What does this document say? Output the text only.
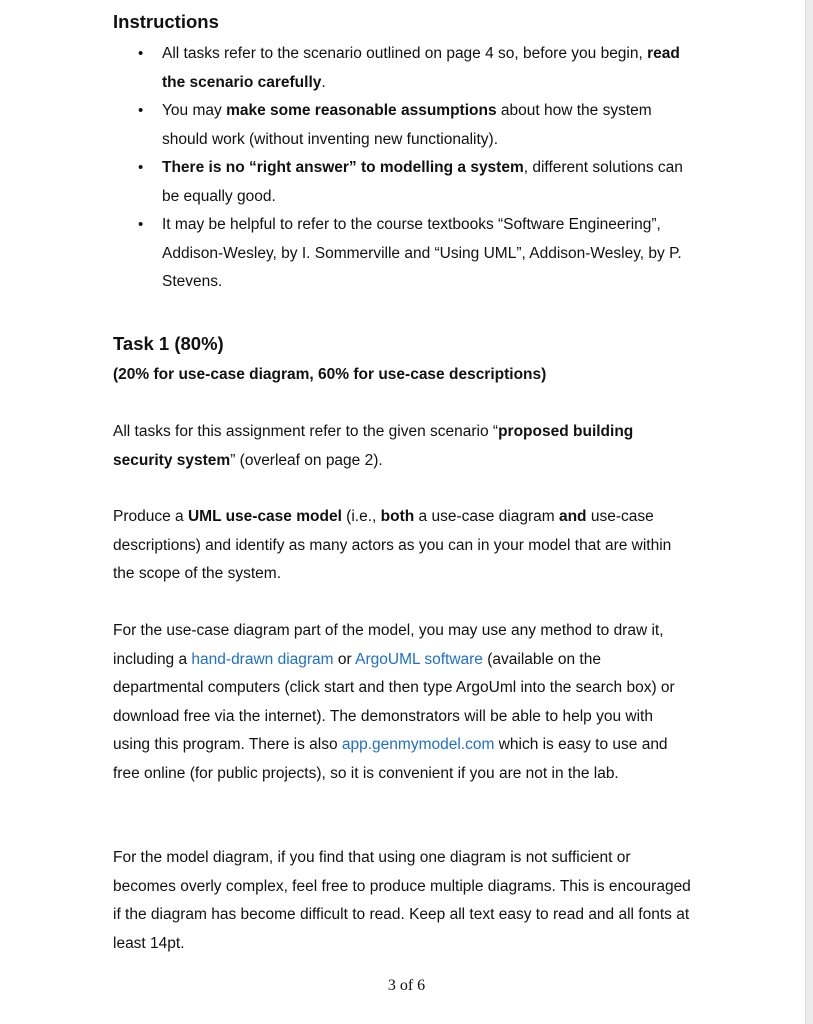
Instructions
• All tasks refer to the scenario outlined on page 4 so, before you begin, read the scenario carefully.
• You may make some reasonable assumptions about how the system should work (without inventing new functionality).
• There is no “right answer” to modelling a system, different solutions can be equally good.
• It may be helpful to refer to the course textbooks “Software Engineering”, Addison-Wesley, by I. Sommerville and “Using UML”, Addison-Wesley, by P. Stevens.
Task 1 (80%)
(20% for use-case diagram, 60% for use-case descriptions)

All tasks for this assignment refer to the given scenario “proposed building security system” (overleaf on page 2).

Produce a UML use-case model (i.e., both a use-case diagram and use-case descriptions) and identify as many actors as you can in your model that are within the scope of the system.

For the use-case diagram part of the model, you may use any method to draw it, including a hand-drawn diagram or ArgoUML software (available on the departmental computers (click start and then type ArgoUml into the search box) or download free via the internet). The demonstrators will be able to help you with using this program. There is also app.genmymodel.com which is easy to use and free online (for public projects), so it is convenient if you are not in the lab.

For the model diagram, if you find that using one diagram is not sufficient or becomes overly complex, feel free to produce multiple diagrams. This is encouraged if the diagram has become difficult to read. Keep all text easy to read and all fonts at least 14pt.

3 of 6
